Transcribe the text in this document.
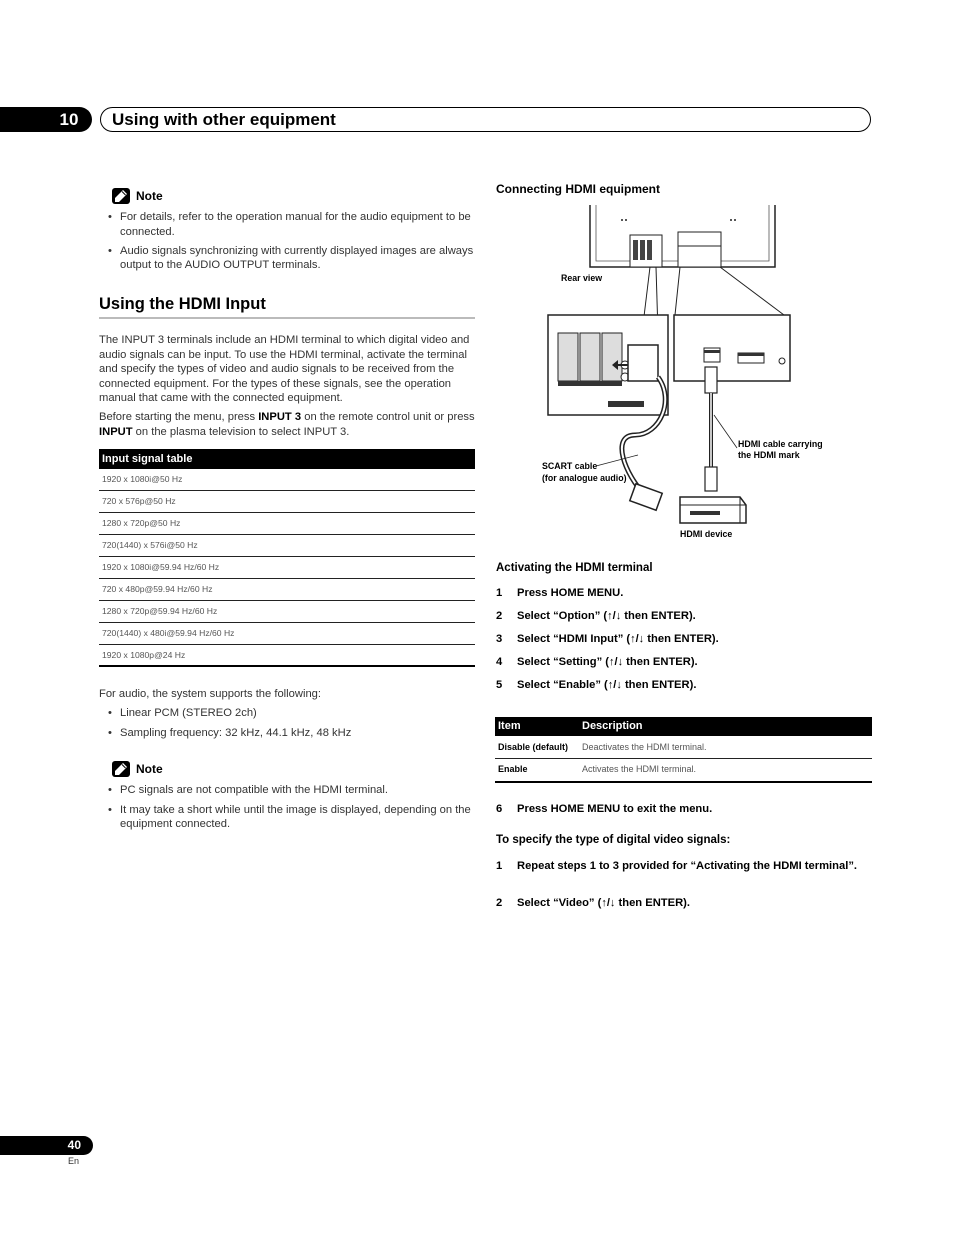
10	Using with other equipment
Note
• For details, refer to the operation manual for the audio equipment to be connected.
• Audio signals synchronizing with currently displayed images are always output to the AUDIO OUTPUT terminals.
Using the HDMI Input
The INPUT 3 terminals include an HDMI terminal to which digital video and audio signals can be input. To use the HDMI terminal, activate the terminal and specify the types of video and audio signals to be received from the connected equipment. For the types of these signals, see the operation manual that came with the connected equipment.
Before starting the menu, press INPUT 3 on the remote control unit or press INPUT on the plasma television to select INPUT 3.
Input signal table
1920 x 1080i@50 Hz
720 x 576p@50 Hz
1280 x 720p@50 Hz
720(1440) x 576i@50 Hz
1920 x 1080i@59.94 Hz/60 Hz
720 x 480p@59.94 Hz/60 Hz
1280 x 720p@59.94 Hz/60 Hz
720(1440) x 480i@59.94 Hz/60 Hz
1920 x 1080p@24 Hz
For audio, the system supports the following:
• Linear PCM (STEREO 2ch)
• Sampling frequency: 32 kHz, 44.1 kHz, 48 kHz
Note
• PC signals are not compatible with the HDMI terminal.
• It may take a short while until the image is displayed, depending on the equipment connected.
Connecting HDMI equipment
Rear view
HDMI cable carrying
the HDMI mark
SCART cable
(for analogue audio)
HDMI device
Activating the HDMI terminal
1 Press HOME MENU.
2 Select “Option” (↑/↓ then ENTER).
3 Select “HDMI Input” (↑/↓ then ENTER).
4 Select “Setting” (↑/↓ then ENTER).
5 Select “Enable” (↑/↓ then ENTER).
Item	Description
Disable (default)	Deactivates the HDMI terminal.
Enable	Activates the HDMI terminal.
6 Press HOME MENU to exit the menu.
To specify the type of digital video signals:
1 Repeat steps 1 to 3 provided for “Activating the HDMI terminal”.
2 Select “Video” (↑/↓ then ENTER).
40
En
